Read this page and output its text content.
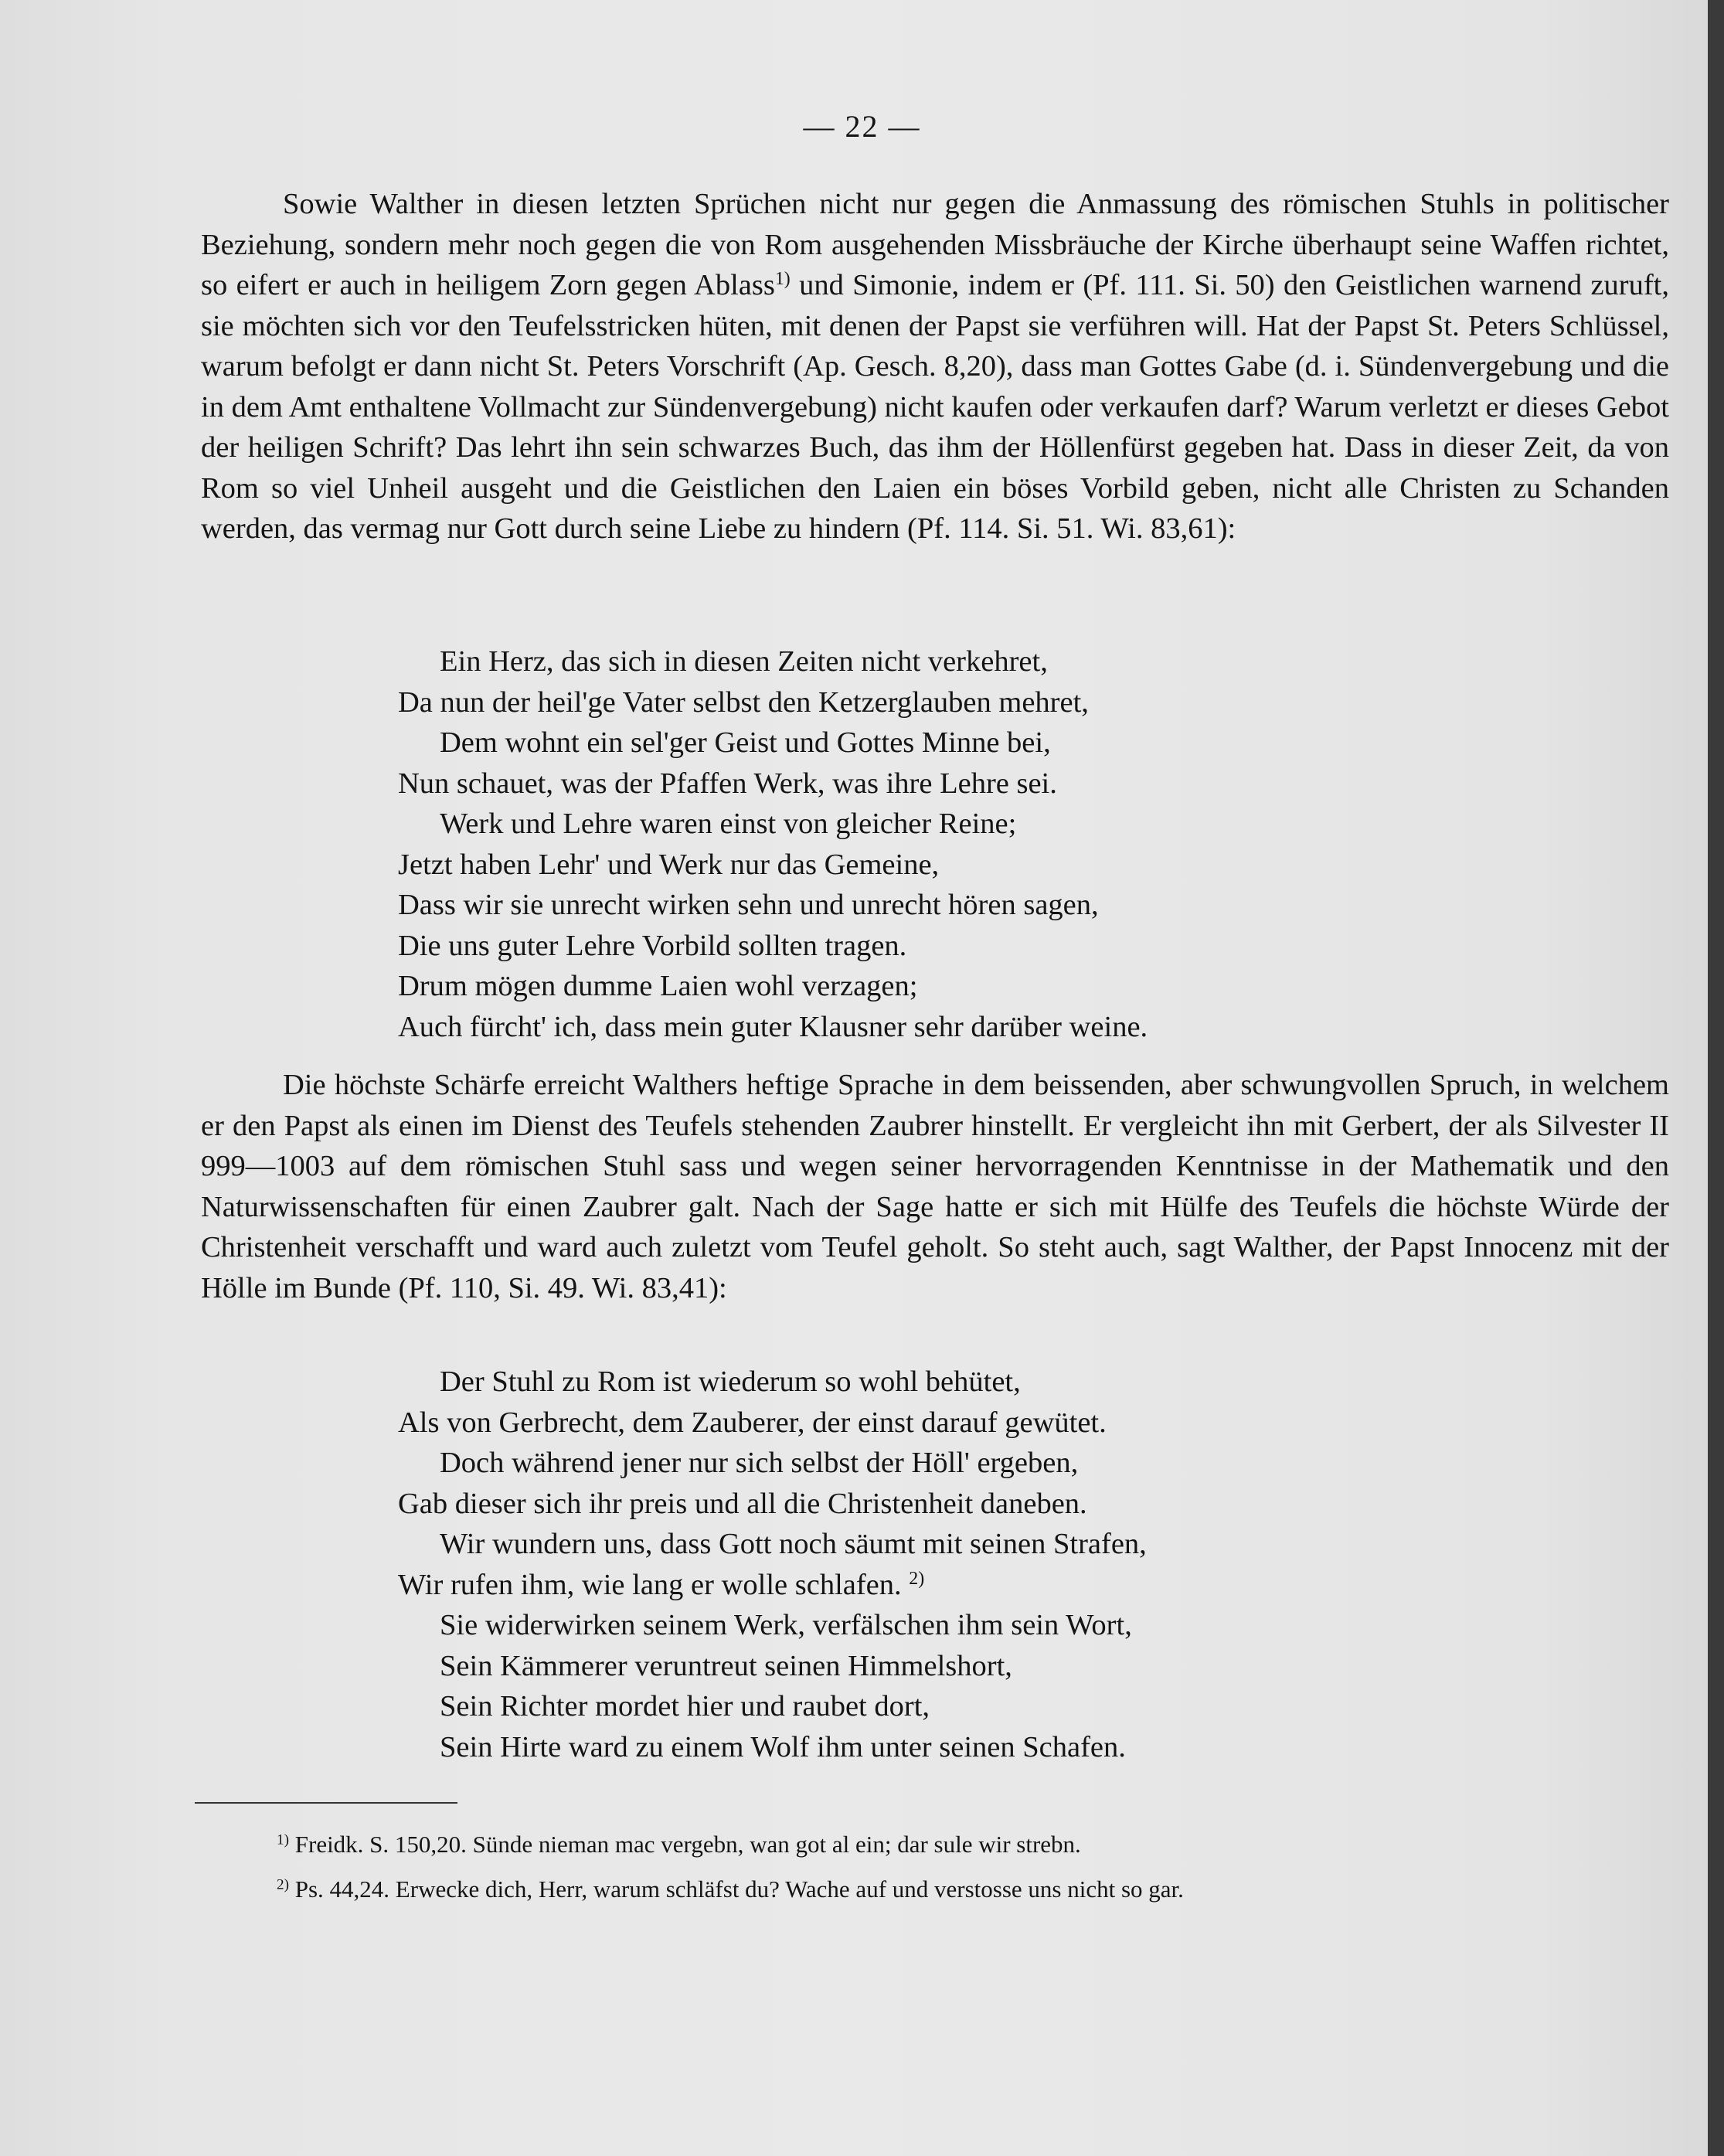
— 22 —

Sowie Walther in diesen letzten Sprüchen nicht nur gegen die Anmassung des römischen Stuhls in politischer Beziehung, sondern mehr noch gegen die von Rom ausgehenden Missbräuche der Kirche überhaupt seine Waffen richtet, so eifert er auch in heiligem Zorn gegen Ablass$^{1)}$ und Simonie, indem er (Pf. 111. Si. 50) den Geistlichen warnend zuruft, sie möchten sich vor den Teufelsstricken hüten, mit denen der Papst sie verführen will. Hat der Papst St. Peters Schlüssel, warum befolgt er dann nicht St. Peters Vorschrift (Ap. Gesch. 8,20), dass man Gottes Gabe (d. i. Sündenvergebung und die in dem Amt enthaltene Vollmacht zur Sündenvergebung) nicht kaufen oder verkaufen darf? Warum verletzt er dieses Gebot der heiligen Schrift? Das lehrt ihn sein schwarzes Buch, das ihm der Höllenfürst gegeben hat. Dass in dieser Zeit, da von Rom so viel Unheil ausgeht und die Geistlichen den Laien ein böses Vorbild geben, nicht alle Christen zu Schanden werden, das vermag nur Gott durch seine Liebe zu hindern (Pf. 114. Si. 51. Wi. 83,61):

Ein Herz, das sich in diesen Zeiten nicht verkehret,
Da nun der heil'ge Vater selbst den Ketzerglauben mehret,
Dem wohnt ein sel'ger Geist und Gottes Minne bei,
Nun schauet, was der Pfaffen Werk, was ihre Lehre sei.
Werk und Lehre waren einst von gleicher Reine;
Jetzt haben Lehr' und Werk nur das Gemeine,
Dass wir sie unrecht wirken sehn und unrecht hören sagen,
Die uns guter Lehre Vorbild sollten tragen.
Drum mögen dumme Laien wohl verzagen;
Auch fürcht' ich, dass mein guter Klausner sehr darüber weine.

Die höchste Schärfe erreicht Walthers heftige Sprache in dem beissenden, aber schwungvollen Spruch, in welchem er den Papst als einen im Dienst des Teufels stehenden Zaubrer hinstellt. Er vergleicht ihn mit Gerbert, der als Silvester II 999—1003 auf dem römischen Stuhl sass und wegen seiner hervorragenden Kenntnisse in der Mathematik und den Naturwissenschaften für einen Zaubrer galt. Nach der Sage hatte er sich mit Hülfe des Teufels die höchste Würde der Christenheit verschafft und ward auch zuletzt vom Teufel geholt. So steht auch, sagt Walther, der Papst Innocenz mit der Hölle im Bunde (Pf. 110, Si. 49. Wi. 83,41):

Der Stuhl zu Rom ist wiederum so wohl behütet,
Als von Gerbrecht, dem Zauberer, der einst darauf gewütet.
Doch während jener nur sich selbst der Höll' ergeben,
Gab dieser sich ihr preis und all die Christenheit daneben.
Wir wundern uns, dass Gott noch säumt mit seinen Strafen,
Wir rufen ihm, wie lang er wolle schlafen. $^{2)}$
Sie widerwirken seinem Werk, verfälschen ihm sein Wort,
Sein Kämmerer veruntreut seinen Himmelshort,
Sein Richter mordet hier und raubet dort,
Sein Hirte ward zu einem Wolf ihm unter seinen Schafen.
$^{1)}$ Freidk. S. 150,20. Sünde nieman mac vergebn, wan got al ein; dar sule wir strebn.
$^{2)}$ Ps. 44,24. Erwecke dich, Herr, warum schläfst du? Wache auf und verstosse uns nicht so gar.
